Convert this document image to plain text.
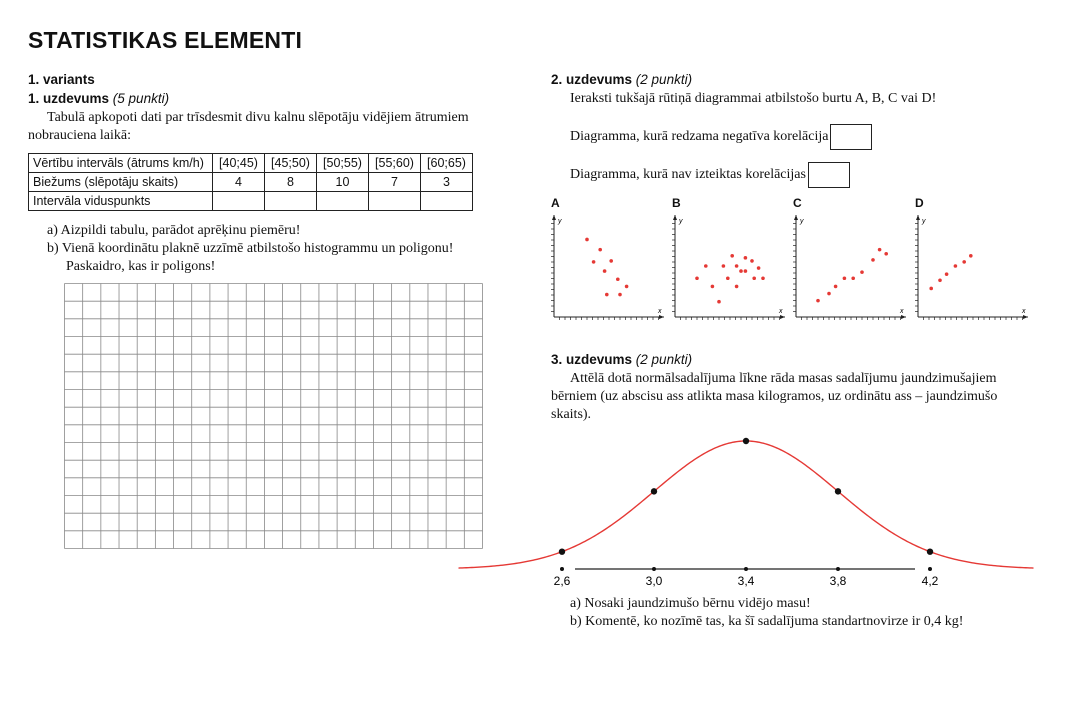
STATISTIKAS ELEMENTI
1. variants
1. uzdevums (5 punkti)

Tabulā apkopoti dati par trīsdesmit divu kalnu slēpotāju vidējiem ātrumiem

nobrauciena laikā:

Vērtību intervāls (ātrums km/h)	[40;45)	[45;50)	[50;55)	[55;60)	[60;65)
Biežums (slēpotāju skaits)	4	8	10	7	3
Intervāla viduspunkts					

a) Aizpildi tabulu, parādot aprēķinu piemēru!

b) Vienā koordinātu plaknē uzzīmē atbilstošo histogrammu un poligonu!

Paskaidro, kas ir poligons!

2. uzdevums (2 punkti)

Ieraksti tukšajā rūtiņā diagrammai atbilstošo burtu A, B, C vai D!

Diagramma, kurā redzama negatīva korelācija
Diagramma, kurā nav izteiktas korelācijas
A	B	C	D
x
y
x
y
x
y
x
y
3. uzdevums (2 punkti)

Attēlā dotā normālsadalījuma līkne rāda masas sadalījumu jaundzimušajiem

bērniem (uz abscisu ass atlikta masa kilogramos, uz ordinātu ass – jaundzimušo

skaits).

2,6	3,0	3,4	3,8	4,2

a) Nosaki jaundzimušo bērnu vidējo masu!

b) Komentē, ko nozīmē tas, ka šī sadalījuma standartnovirze ir 0,4 kg!
